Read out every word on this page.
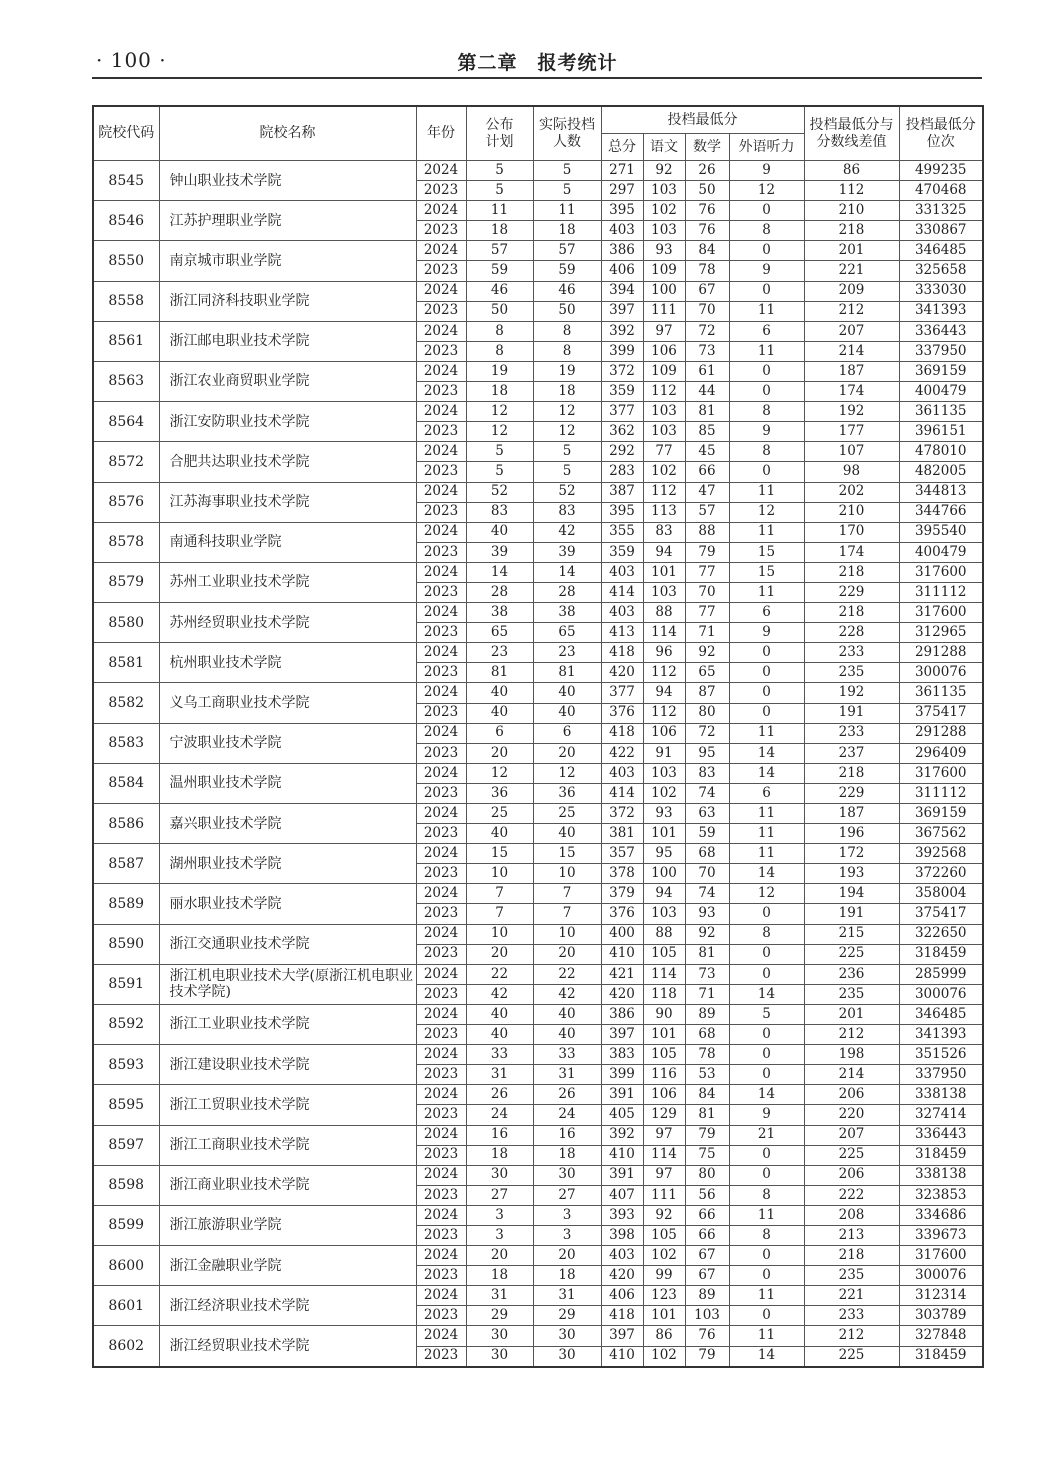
· 100 ·	第二章　报考统计
院校代码	院校名称	年份	公布计划	实际投档人数	投档最低分				投档最低分与分数线差值	投档最低分位次
					总分	语文	数学	外语听力		
8545	钟山职业技术学院	2024	5	5	271	92	26	9	86	499235
		2023	5	5	297	103	50	12	112	470468
8546	江苏护理职业学院	2024	11	11	395	102	76	0	210	331325
		2023	18	18	403	103	76	8	218	330867
8550	南京城市职业学院	2024	57	57	386	93	84	0	201	346485
		2023	59	59	406	109	78	9	221	325658
8558	浙江同济科技职业学院	2024	46	46	394	100	67	0	209	333030
		2023	50	50	397	111	70	11	212	341393
8561	浙江邮电职业技术学院	2024	8	8	392	97	72	6	207	336443
		2023	8	8	399	106	73	11	214	337950
8563	浙江农业商贸职业学院	2024	19	19	372	109	61	0	187	369159
		2023	18	18	359	112	44	0	174	400479
8564	浙江安防职业技术学院	2024	12	12	377	103	81	8	192	361135
		2023	12	12	362	103	85	9	177	396151
8572	合肥共达职业技术学院	2024	5	5	292	77	45	8	107	478010
		2023	5	5	283	102	66	0	98	482005
8576	江苏海事职业技术学院	2024	52	52	387	112	47	11	202	344813
		2023	83	83	395	113	57	12	210	344766
8578	南通科技职业学院	2024	40	42	355	83	88	11	170	395540
		2023	39	39	359	94	79	15	174	400479
8579	苏州工业职业技术学院	2024	14	14	403	101	77	15	218	317600
		2023	28	28	414	103	70	11	229	311112
8580	苏州经贸职业技术学院	2024	38	38	403	88	77	6	218	317600
		2023	65	65	413	114	71	9	228	312965
8581	杭州职业技术学院	2024	23	23	418	96	92	0	233	291288
		2023	81	81	420	112	65	0	235	300076
8582	义乌工商职业技术学院	2024	40	40	377	94	87	0	192	361135
		2023	40	40	376	112	80	0	191	375417
8583	宁波职业技术学院	2024	6	6	418	106	72	11	233	291288
		2023	20	20	422	91	95	14	237	296409
8584	温州职业技术学院	2024	12	12	403	103	83	14	218	317600
		2023	36	36	414	102	74	6	229	311112
8586	嘉兴职业技术学院	2024	25	25	372	93	63	11	187	369159
		2023	40	40	381	101	59	11	196	367562
8587	湖州职业技术学院	2024	15	15	357	95	68	11	172	392568
		2023	10	10	378	100	70	14	193	372260
8589	丽水职业技术学院	2024	7	7	379	94	74	12	194	358004
		2023	7	7	376	103	93	0	191	375417
8590	浙江交通职业技术学院	2024	10	10	400	88	92	8	215	322650
		2023	20	20	410	105	81	0	225	318459
8591	浙江机电职业技术大学(原浙江机电职业技术学院)	2024	22	22	421	114	73	0	236	285999
		2023	42	42	420	118	71	14	235	300076
8592	浙江工业职业技术学院	2024	40	40	386	90	89	5	201	346485
		2023	40	40	397	101	68	0	212	341393
8593	浙江建设职业技术学院	2024	33	33	383	105	78	0	198	351526
		2023	31	31	399	116	53	0	214	337950
8595	浙江工贸职业技术学院	2024	26	26	391	106	84	14	206	338138
		2023	24	24	405	129	81	9	220	327414
8597	浙江工商职业技术学院	2024	16	16	392	97	79	21	207	336443
		2023	18	18	410	114	75	0	225	318459
8598	浙江商业职业技术学院	2024	30	30	391	97	80	0	206	338138
		2023	27	27	407	111	56	8	222	323853
8599	浙江旅游职业学院	2024	3	3	393	92	66	11	208	334686
		2023	3	3	398	105	66	8	213	339673
8600	浙江金融职业学院	2024	20	20	403	102	67	0	218	317600
		2023	18	18	420	99	67	0	235	300076
8601	浙江经济职业技术学院	2024	31	31	406	123	89	11	221	312314
		2023	29	29	418	101	103	0	233	303789
8602	浙江经贸职业技术学院	2024	30	30	397	86	76	11	212	327848
		2023	30	30	410	102	79	14	225	318459
